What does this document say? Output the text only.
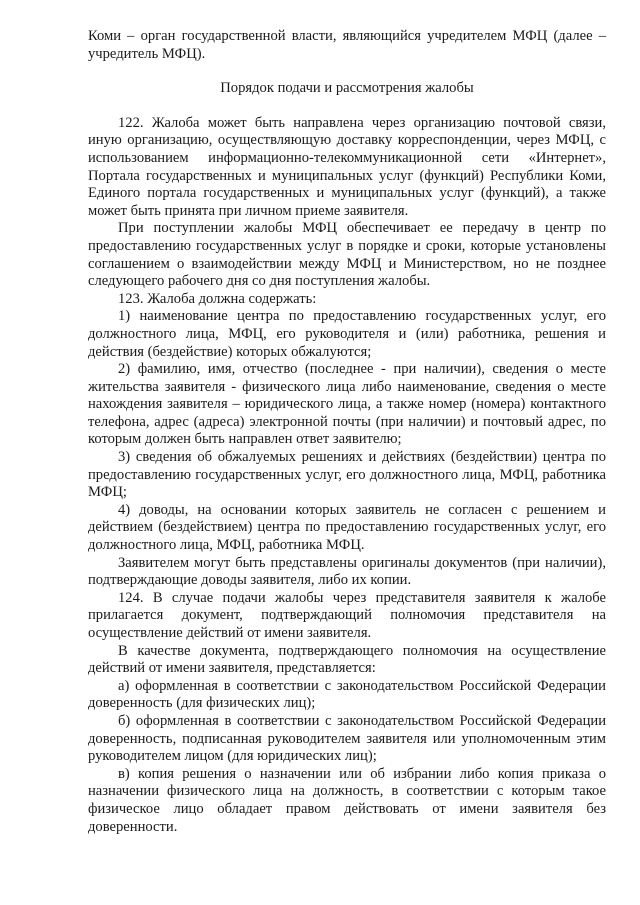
Коми – орган государственной власти, являющийся учредителем МФЦ (далее – учредитель МФЦ).

Порядок подачи и рассмотрения жалобы

122. Жалоба может быть направлена через организацию почтовой связи, иную организацию, осуществляющую доставку корреспонденции, через МФЦ, с использованием информационно-телекоммуникационной сети «Интернет», Портала государственных и муниципальных услуг (функций) Республики Коми, Единого портала государственных и муниципальных услуг (функций), а также может быть принята при личном приеме заявителя.

При поступлении жалобы МФЦ обеспечивает ее передачу в центр по предоставлению государственных услуг в порядке и сроки, которые установлены соглашением о взаимодействии между МФЦ и Министерством, но не позднее следующего рабочего дня со дня поступления жалобы.

123. Жалоба должна содержать:

1) наименование центра по предоставлению государственных услуг, его должностного лица, МФЦ, его руководителя и (или) работника, решения и действия (бездействие) которых обжалуются;

2) фамилию, имя, отчество (последнее - при наличии), сведения о месте жительства заявителя - физического лица либо наименование, сведения о месте нахождения заявителя – юридического лица, а также номер (номера) контактного телефона, адрес (адреса) электронной почты (при наличии) и почтовый адрес, по которым должен быть направлен ответ заявителю;

3) сведения об обжалуемых решениях и действиях (бездействии) центра по предоставлению государственных услуг, его должностного лица, МФЦ, работника МФЦ;

4) доводы, на основании которых заявитель не согласен с решением и действием (бездействием) центра по предоставлению государственных услуг, его должностного лица, МФЦ, работника МФЦ.

Заявителем могут быть представлены оригиналы документов (при наличии), подтверждающие доводы заявителя, либо их копии.

124. В случае подачи жалобы через представителя заявителя к жалобе прилагается документ, подтверждающий полномочия представителя на осуществление действий от имени заявителя.

В качестве документа, подтверждающего полномочия на осуществление действий от имени заявителя, представляется:

а) оформленная в соответствии с законодательством Российской Федерации доверенность (для физических лиц);

б) оформленная в соответствии с законодательством Российской Федерации доверенность, подписанная руководителем заявителя или уполномоченным этим руководителем лицом (для юридических лиц);

в) копия решения о назначении или об избрании либо копия приказа о назначении физического лица на должность, в соответствии с которым такое физическое лицо обладает правом действовать от имени заявителя без доверенности.
